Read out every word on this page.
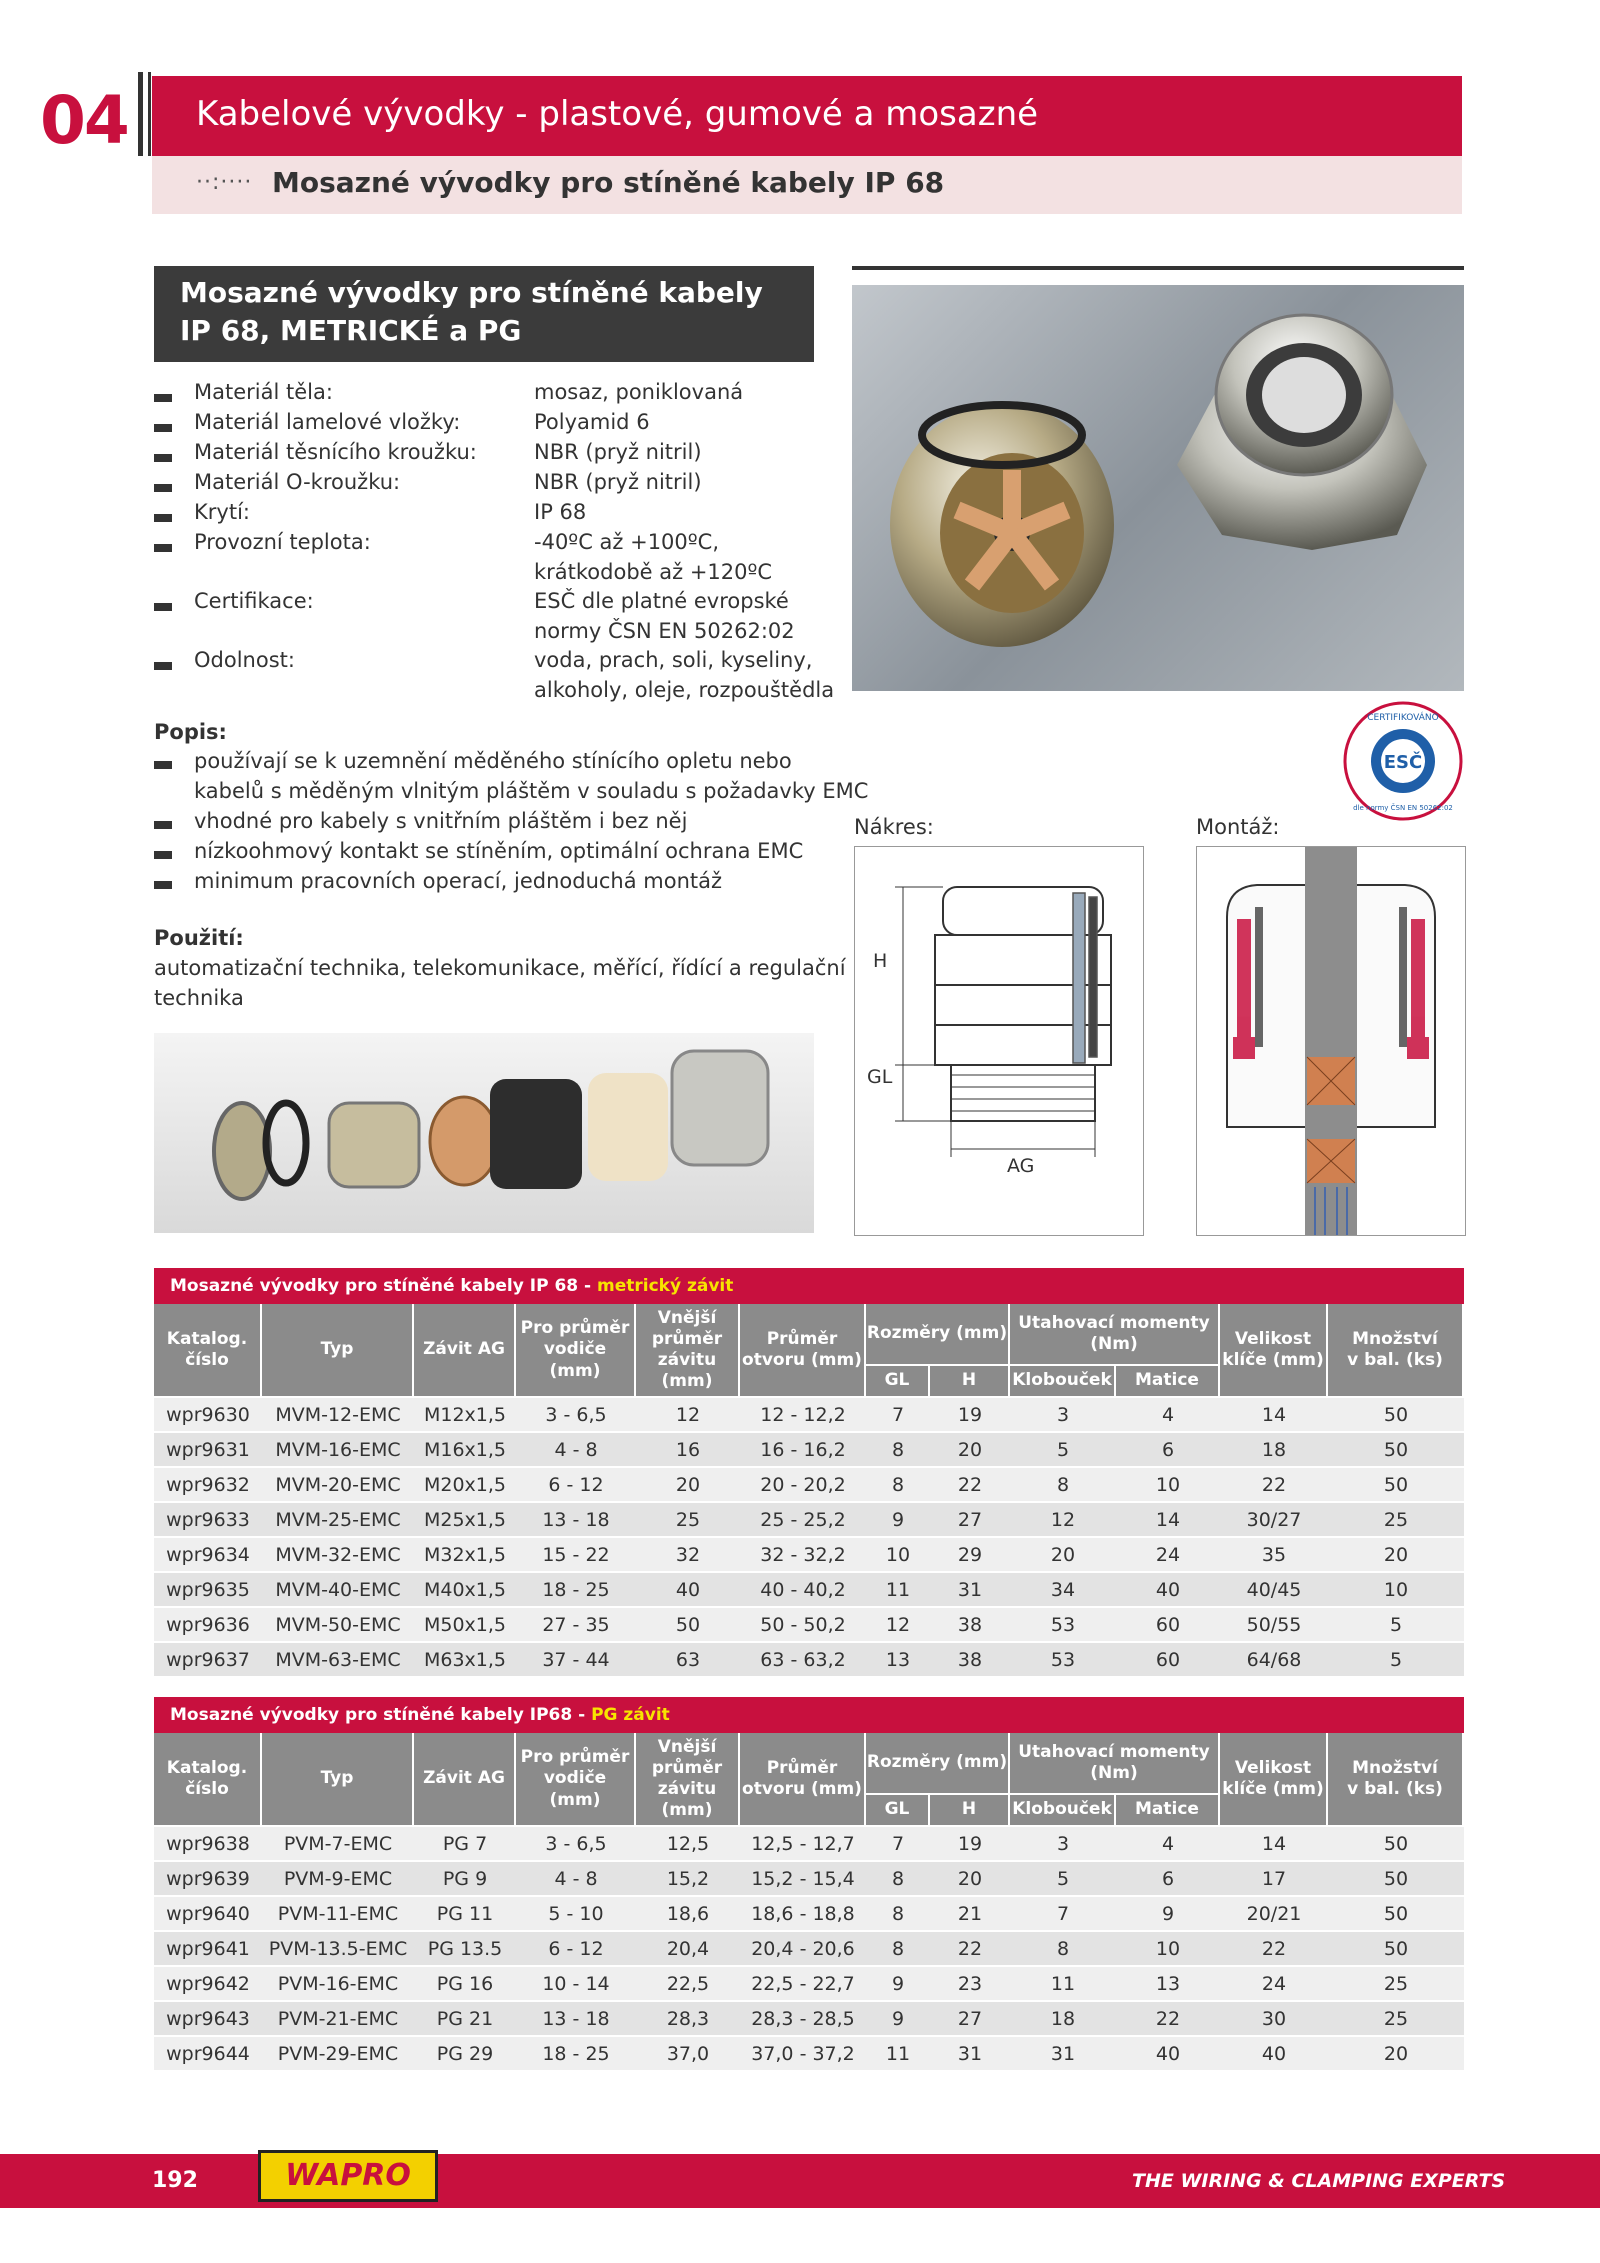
04 Kabelové vývodky - plastové, gumové a mosazné
··:···· Mosazné vývodky pro stíněné kabely IP 68
Mosazné vývodky pro stíněné kabely
IP 68, METRICKÉ a PG
Materiál těla:	mosaz, poniklovaná
Materiál lamelové vložky:	Polyamid 6
Materiál těsnícího kroužku:	NBR (pryž nitril)
Materiál O-kroužku:	NBR (pryž nitril)
Krytí:	IP 68
Provozní teplota:	-40ºC až +100ºC,
krátkodobě až +120ºC
Certifikace:	ESČ dle platné evropské
normy ČSN EN 50262:02
Odolnost:	voda, prach, soli, kyseliny,
alkoholy, oleje, rozpouštědla
Popis:
používají se k uzemnění měděného stínícího opletu nebo
kabelů s měděným vlnitým pláštěm v souladu s požadavky EMC
vhodné pro kabely s vnitřním pláštěm i bez něj
nízkoohmový kontakt se stíněním, optimální ochrana EMC
minimum pracovních operací, jednoduchá montáž
Použití:
automatizační technika, telekomunikace, měřící, řídící a regulační
technika
ESČ
CERTIFIKOVÁNO
dle normy ČSN EN 50262:02
Nákres:	Montáž:
H
GL
AG
Mosazné vývodky pro stíněné kabely IP 68 - metrický závit
Katalog.
číslo	Typ	Závit AG	Pro průměr
vodiče (mm)	Vnější
průměr
závitu (mm)	Průměr
otvoru (mm)	Rozměry (mm)		Utahovací momenty
(Nm)		Velikost
klíče (mm)	Množství
v bal. (ks)
						GL	H	Klobouček	Matice		
wpr9630	MVM-12-EMC	M12x1,5	3 - 6,5	12	12 - 12,2	7	19	3	4	14	50
wpr9631	MVM-16-EMC	M16x1,5	4 - 8	16	16 - 16,2	8	20	5	6	18	50
wpr9632	MVM-20-EMC	M20x1,5	6 - 12	20	20 - 20,2	8	22	8	10	22	50
wpr9633	MVM-25-EMC	M25x1,5	13 - 18	25	25 - 25,2	9	27	12	14	30/27	25
wpr9634	MVM-32-EMC	M32x1,5	15 - 22	32	32 - 32,2	10	29	20	24	35	20
wpr9635	MVM-40-EMC	M40x1,5	18 - 25	40	40 - 40,2	11	31	34	40	40/45	10
wpr9636	MVM-50-EMC	M50x1,5	27 - 35	50	50 - 50,2	12	38	53	60	50/55	5
wpr9637	MVM-63-EMC	M63x1,5	37 - 44	63	63 - 63,2	13	38	53	60	64/68	5
Mosazné vývodky pro stíněné kabely IP68 - PG závit
Katalog.
číslo	Typ	Závit AG	Pro průměr
vodiče (mm)	Vnější
průměr
závitu (mm)	Průměr
otvoru (mm)	Rozměry (mm)		Utahovací momenty
(Nm)		Velikost
klíče (mm)	Množství
v bal. (ks)
						GL	H	Klobouček	Matice		
wpr9638	PVM-7-EMC	PG 7	3 - 6,5	12,5	12,5 - 12,7	7	19	3	4	14	50
wpr9639	PVM-9-EMC	PG 9	4 - 8	15,2	15,2 - 15,4	8	20	5	6	17	50
wpr9640	PVM-11-EMC	PG 11	5 - 10	18,6	18,6 - 18,8	8	21	7	9	20/21	50
wpr9641	PVM-13.5-EMC	PG 13.5	6 - 12	20,4	20,4 - 20,6	8	22	8	10	22	50
wpr9642	PVM-16-EMC	PG 16	10 - 14	22,5	22,5 - 22,7	9	23	11	13	24	25
wpr9643	PVM-21-EMC	PG 21	13 - 18	28,3	28,3 - 28,5	9	27	18	22	30	25
wpr9644	PVM-29-EMC	PG 29	18 - 25	37,0	37,0 - 37,2	11	31	31	40	40	20
192	WAPRO	THE WIRING & CLAMPING EXPERTS
